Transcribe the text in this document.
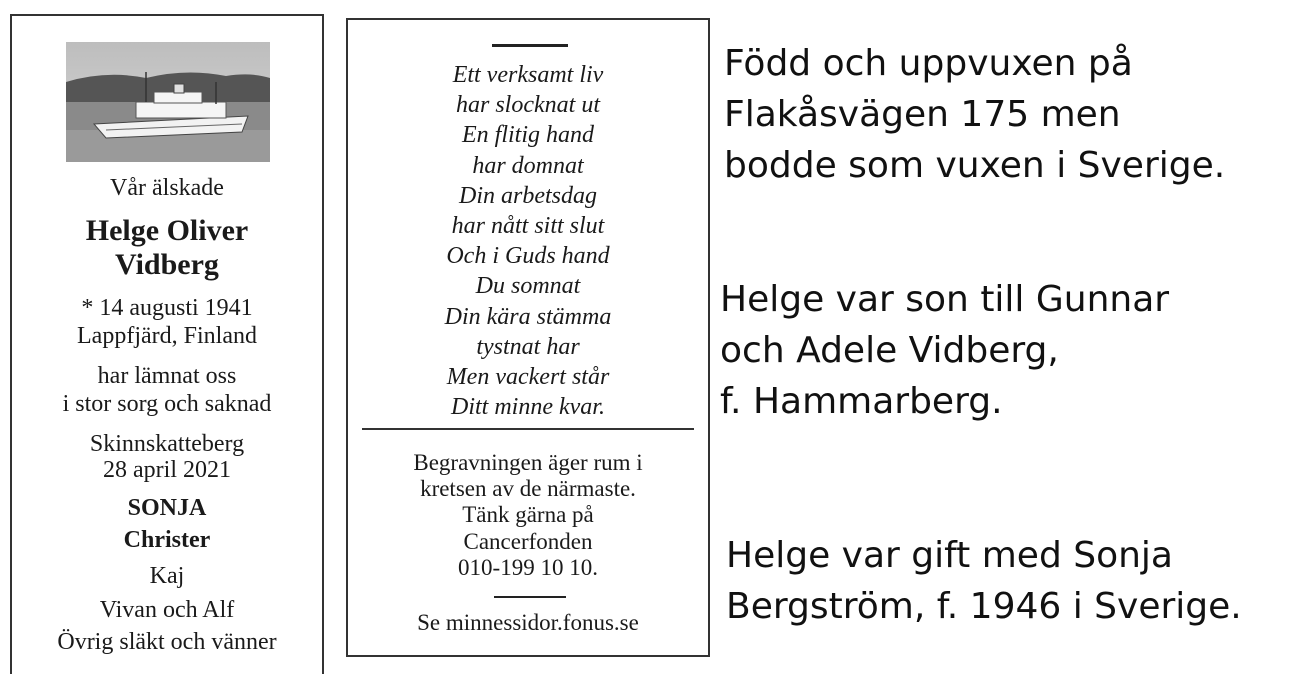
Vår älskade
Helge Oliver
Vidberg
* 14 augusti 1941
Lappfjärd, Finland
har lämnat oss
i stor sorg och saknad
Skinnskatteberg
28 april 2021
SONJA
Christer
Kaj
Vivan och Alf
Övrig släkt och vänner
Ett verksamt liv
har slocknat ut
En flitig hand
har domnat
Din arbetsdag
har nått sitt slut
Och i Guds hand
Du somnat
Din kära stämma
tystnat har
Men vackert står
Ditt minne kvar.
Begravningen äger rum i
kretsen av de närmaste.
Tänk gärna på
Cancerfonden
010-199 10 10.
Se minnessidor.fonus.se
Född och uppvuxen på
Flakåsvägen 175 men
bodde som vuxen i Sverige.
Helge var son till Gunnar
och Adele Vidberg,
f. Hammarberg.
Helge var gift med Sonja
Bergström, f. 1946 i Sverige.
